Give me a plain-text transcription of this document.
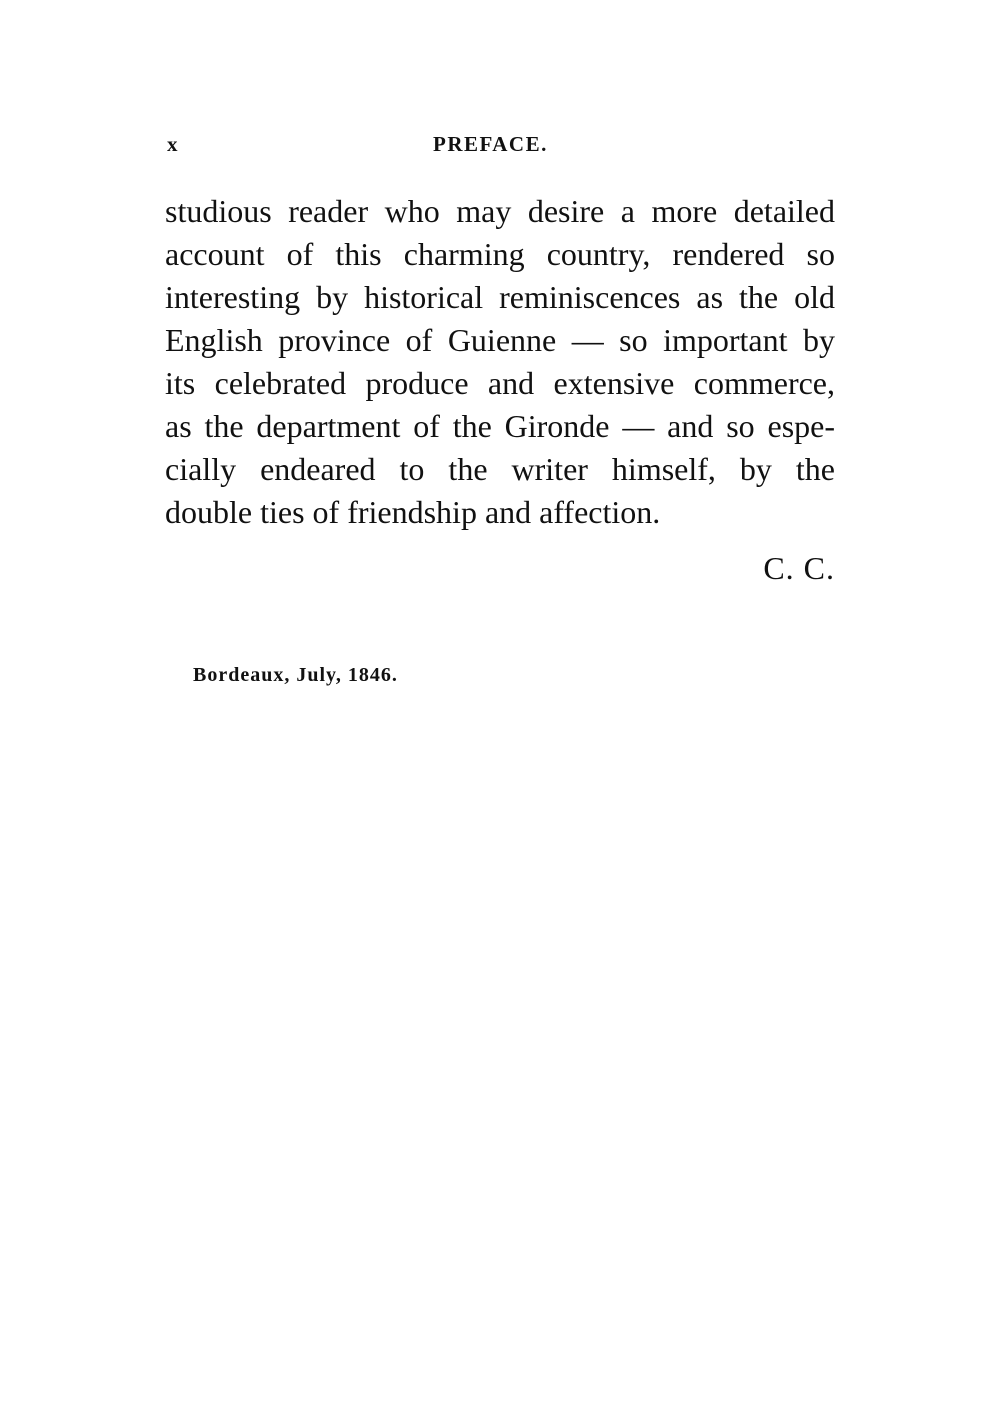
x	PREFACE.
studious reader who may desire a more detailed
account of this charming country, rendered so
interesting by historical reminiscences as the old
English province of Guienne — so important by
its celebrated produce and extensive commerce,
as the department of the Gironde — and so espe-
cially endeared to the writer himself, by the
double ties of friendship and affection.
C. C.
Bordeaux, July, 1846.
